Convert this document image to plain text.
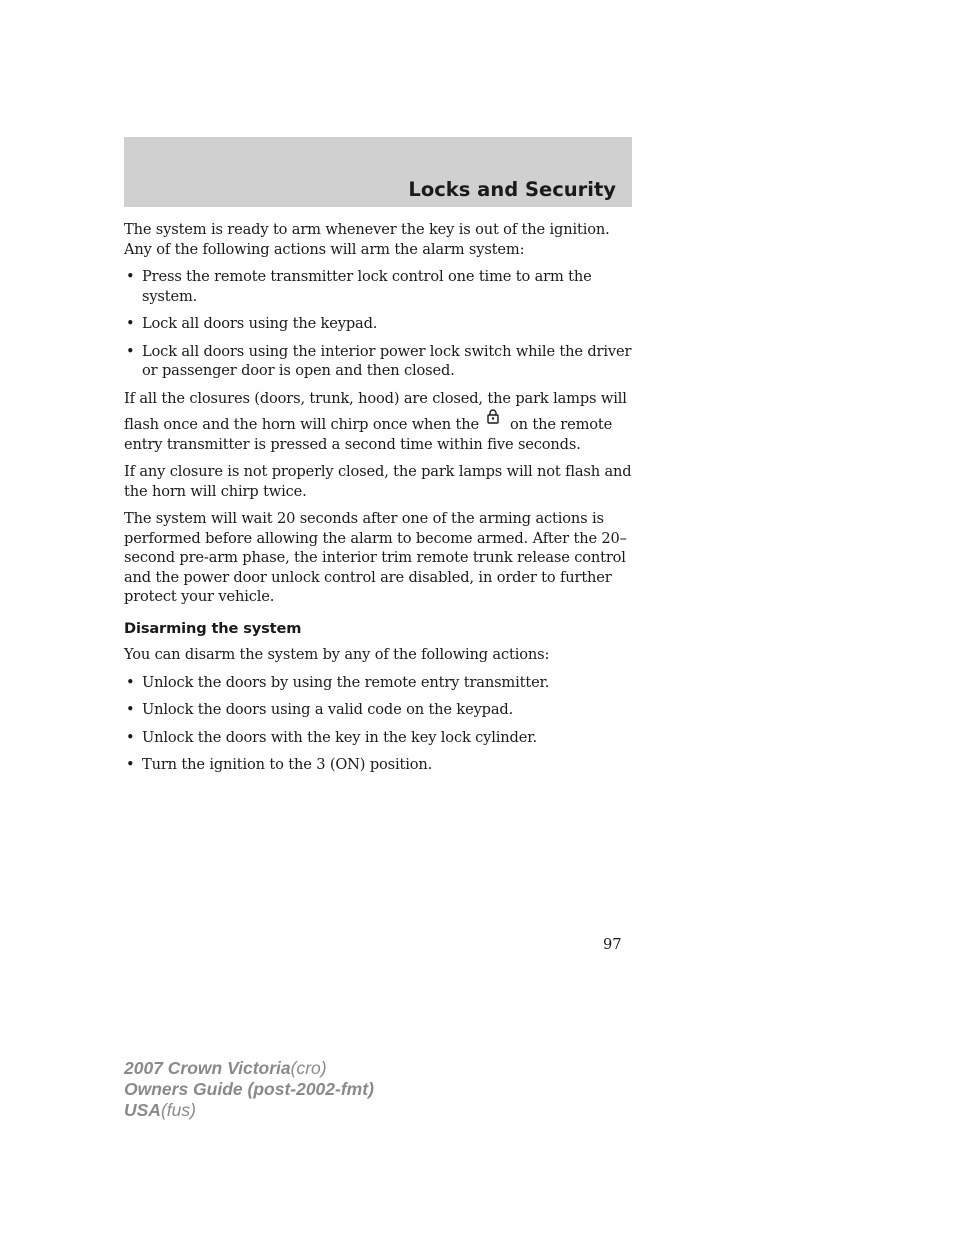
Locks and Security

The system is ready to arm whenever the key is out of the ignition. Any of the following actions will arm the alarm system:

• Press the remote transmitter lock control one time to arm the system.
• Lock all doors using the keypad.
• Lock all doors using the interior power lock switch while the driver or passenger door is open and then closed.

If all the closures (doors, trunk, hood) are closed, the park lamps will flash once and the horn will chirp once when the on the remote entry transmitter is pressed a second time within five seconds.

If any closure is not properly closed, the park lamps will not flash and the horn will chirp twice.

The system will wait 20 seconds after one of the arming actions is performed before allowing the alarm to become armed. After the 20–second pre-arm phase, the interior trim remote trunk release control and the power door unlock control are disabled, in order to further protect your vehicle.

Disarming the system

You can disarm the system by any of the following actions:

• Unlock the doors by using the remote entry transmitter.
• Unlock the doors using a valid code on the keypad.
• Unlock the doors with the key in the key lock cylinder.
• Turn the ignition to the 3 (ON) position.
97
2007 Crown Victoria(cro)
Owners Guide (post-2002-fmt)
USA(fus)
